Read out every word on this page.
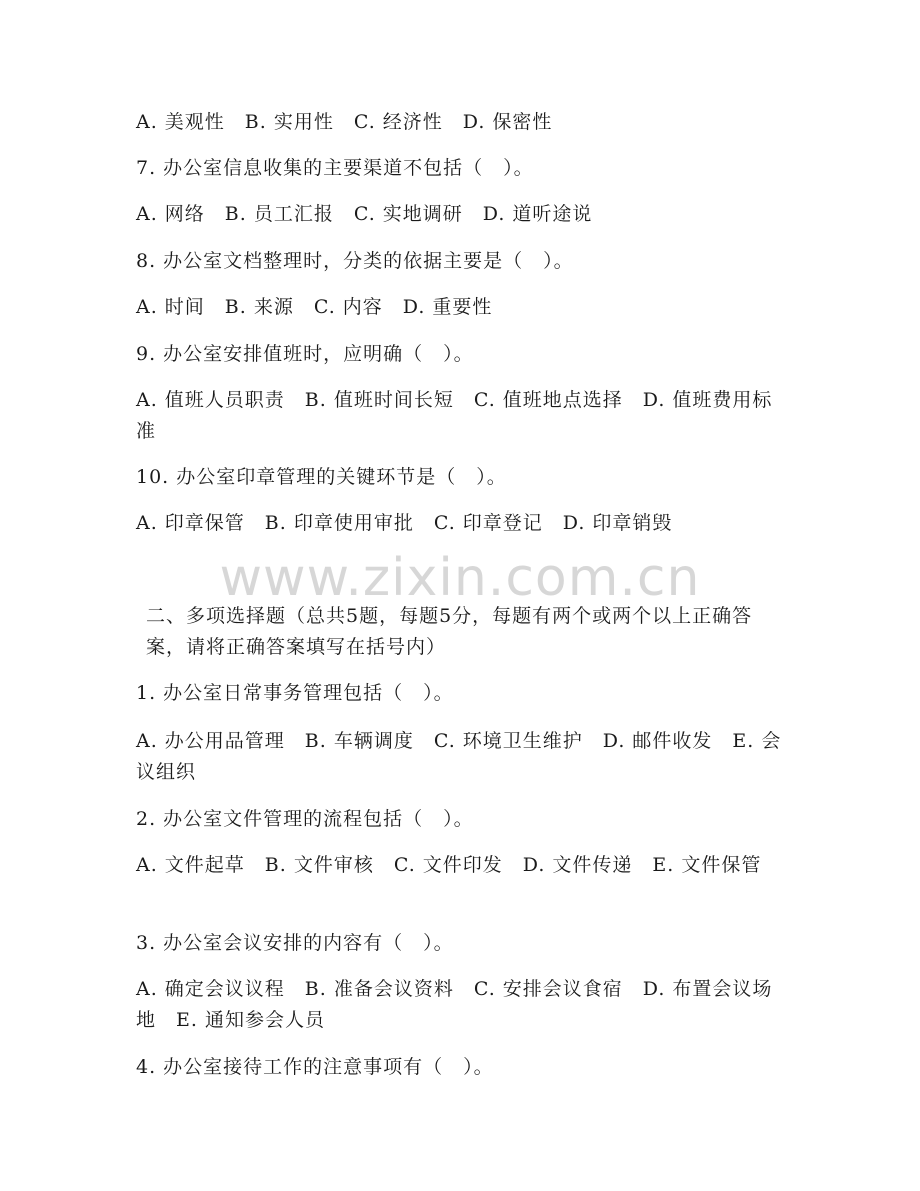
www.zixin.com.cn
A. 美观性　B. 实用性　C. 经济性　D. 保密性
7. 办公室信息收集的主要渠道不包括（　）。
A. 网络　B. 员工汇报　C. 实地调研　D. 道听途说
8. 办公室文档整理时，分类的依据主要是（　）。
A. 时间　B. 来源　C. 内容　D. 重要性
9. 办公室安排值班时，应明确（　）。
A. 值班人员职责　B. 值班时间长短　C. 值班地点选择　D. 值班费用标准
10. 办公室印章管理的关键环节是（　）。
A. 印章保管　B. 印章使用审批　C. 印章登记　D. 印章销毁
二、多项选择题（总共5题，每题5分，每题有两个或两个以上正确答案，请将正确答案填写在括号内）
1. 办公室日常事务管理包括（　）。
A. 办公用品管理　B. 车辆调度　C. 环境卫生维护　D. 邮件收发　E. 会议组织
2. 办公室文件管理的流程包括（　）。
A. 文件起草　B. 文件审核　C. 文件印发　D. 文件传递　E. 文件保管
3. 办公室会议安排的内容有（　）。
A. 确定会议议程　B. 准备会议资料　C. 安排会议食宿　D. 布置会议场地　E. 通知参会人员
4. 办公室接待工作的注意事项有（　）。
